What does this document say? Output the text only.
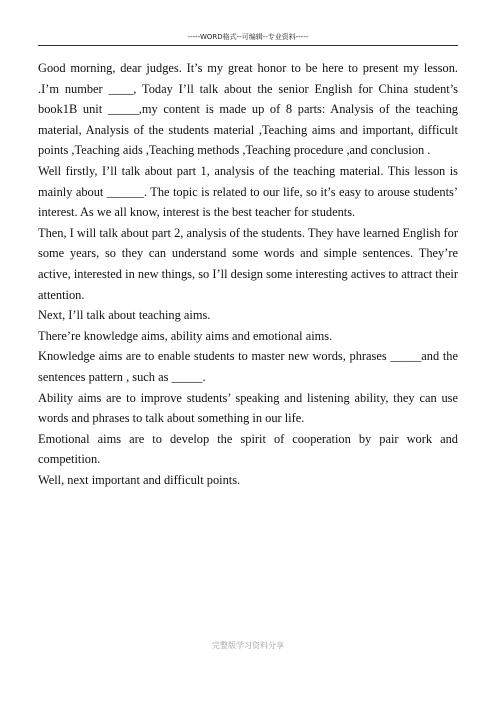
-----WORD格式--可编辑--专业资料-----

Good morning, dear judges. It’s my great honor to be here to present my lesson. .I’m number ____, Today I’ll talk about the senior English for China student’s book1B unit _____,my content is made up of 8 parts: Analysis of the teaching material, Analysis of the students material ,Teaching aims and important, difficult points ,Teaching aids ,Teaching methods ,Teaching procedure ,and conclusion .

Well firstly, I’ll talk about part 1, analysis of the teaching material. This lesson is mainly about ______. The topic is related to our life, so it’s easy to arouse students’ interest. As we all know, interest is the best teacher for students.

Then, I will talk about part 2, analysis of the students. They have learned English for some years, so they can understand some words and simple sentences. They’re active, interested in new things, so I’ll design some interesting actives to attract their attention.

Next, I’ll talk about teaching aims.

There’re knowledge aims, ability aims and emotional aims.

Knowledge aims are to enable students to master new words, phrases _____and the sentences pattern , such as _____.

Ability aims are to improve students’ speaking and listening ability, they can use words and phrases to talk about something in our life.

Emotional aims are to develop the spirit of cooperation by pair work and competition.

Well, next important and difficult points.

完整版学习资料分享
